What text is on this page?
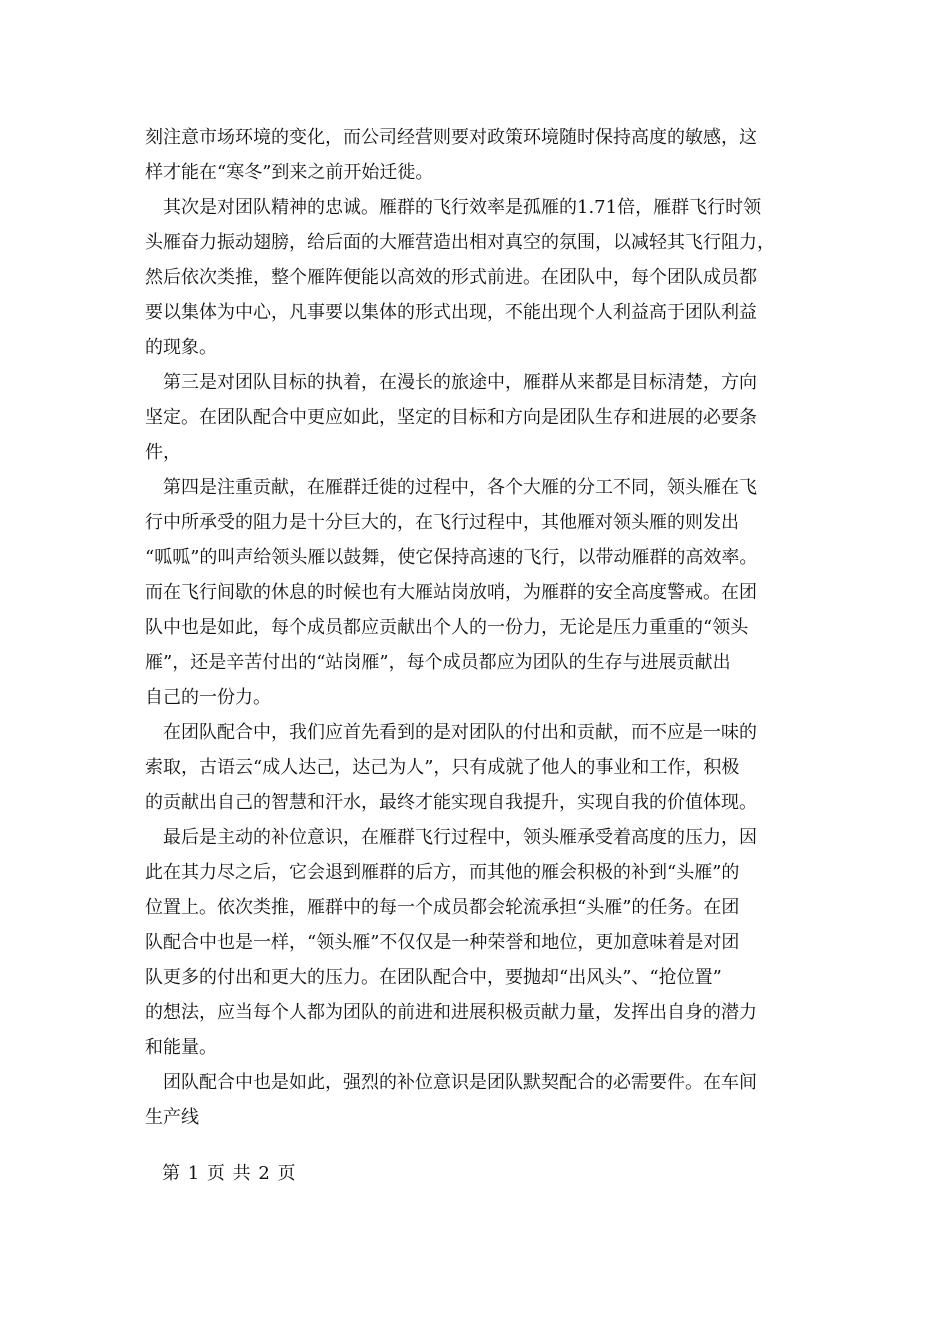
刻注意市场环境的变化，而公司经营则要对政策环境随时保持高度的敏感，这
样才能在“寒冬”到来之前开始迁徙。

　其次是对团队精神的忠诚。雁群的飞行效率是孤雁的1.71倍，雁群飞行时领
头雁奋力振动翅膀，给后面的大雁营造出相对真空的氛围，以减轻其飞行阻力，
然后依次类推，整个雁阵便能以高效的形式前进。在团队中，每个团队成员都
要以集体为中心，凡事要以集体的形式出现，不能出现个人利益高于团队利益
的现象。

　第三是对团队目标的执着，在漫长的旅途中，雁群从来都是目标清楚，方向
坚定。在团队配合中更应如此，坚定的目标和方向是团队生存和进展的必要条
件，

　第四是注重贡献，在雁群迁徙的过程中，各个大雁的分工不同，领头雁在飞
行中所承受的阻力是十分巨大的，在飞行过程中，其他雁对领头雁的则发出
“呱呱”的叫声给领头雁以鼓舞，使它保持高速的飞行，以带动雁群的高效率。
而在飞行间歇的休息的时候也有大雁站岗放哨，为雁群的安全高度警戒。在团
队中也是如此，每个成员都应贡献出个人的一份力，无论是压力重重的“领头
雁”，还是辛苦付出的“站岗雁”，每个成员都应为团队的生存与进展贡献出
自己的一份力。

　在团队配合中，我们应首先看到的是对团队的付出和贡献，而不应是一味的
索取，古语云“成人达己，达己为人”，只有成就了他人的事业和工作，积极
的贡献出自己的智慧和汗水，最终才能实现自我提升，实现自我的价值体现。

　最后是主动的补位意识，在雁群飞行过程中，领头雁承受着高度的压力，因
此在其力尽之后，它会退到雁群的后方，而其他的雁会积极的补到“头雁”的
位置上。依次类推，雁群中的每一个成员都会轮流承担“头雁”的任务。在团
队配合中也是一样，“领头雁”不仅仅是一种荣誉和地位，更加意味着是对团
队更多的付出和更大的压力。在团队配合中，要抛却“出风头”、“抢位置”
的想法，应当每个人都为团队的前进和进展积极贡献力量，发挥出自身的潜力
和能量。

　团队配合中也是如此，强烈的补位意识是团队默契配合的必需要件。在车间
生产线

第 1 页 共 2 页
